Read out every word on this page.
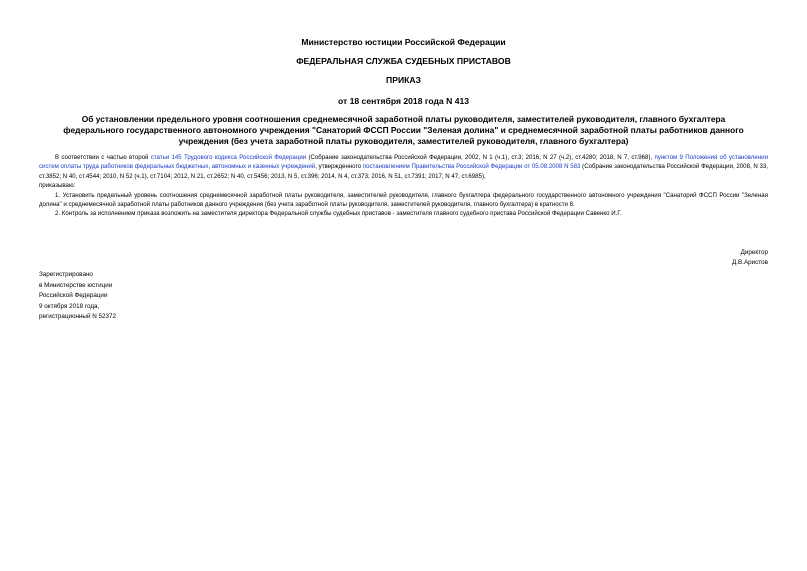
Министерство юстиции Российской Федерации
ФЕДЕРАЛЬНАЯ СЛУЖБА СУДЕБНЫХ ПРИСТАВОВ
ПРИКАЗ
от 18 сентября 2018 года N 413
Об установлении предельного уровня соотношения среднемесячной заработной платы руководителя, заместителей руководителя, главного бухгалтера федерального государственного автономного учреждения "Санаторий ФССП России "Зеленая долина" и среднемесячной заработной платы работников данного учреждения (без учета заработной платы руководителя, заместителей руководителя, главного бухгалтера)

В соответствии с частью второй статьи 145 Трудового кодекса Российской Федерации (Собрание законодательства Российской Федерации, 2002, N 1 (ч.1), ст.3; 2016, N 27 (ч.2), ст.4280; 2018, N 7, ст.968), пунктом 9 Положения об установлении систем оплаты труда работников федеральных бюджетных, автономных и казенных учреждений, утвержденного постановлением Правительства Российской Федерации от 05.08.2008 N 583 (Собрание законодательства Российской Федерации, 2008, N 33, ст.3852; N 40, ст.4544; 2010, N 52 (ч.1), ст.7104; 2012, N 21, ст.2652; N 40, ст.5456; 2013, N 5, ст.396; 2014, N 4, ст.373; 2016, N 51, ст.7391; 2017, N 47, ст.6985),

приказываю:

1. Установить предельный уровень соотношения среднемесячной заработной платы руководителя, заместителей руководителя, главного бухгалтера федерального государственного автономного учреждения "Санаторий ФССП России "Зеленая долина" и среднемесячной заработной платы работников данного учреждения (без учета заработной платы руководителя, заместителей руководителя, главного бухгалтера) в кратности 8.

2. Контроль за исполнением приказа возложить на заместителя директора Федеральной службы судебных приставов - заместителя главного судебного пристава Российской Федерации Савенко И.Г.

Директор
Д.В.Аристов
Зарегистрировано
в Министерстве юстиции
Российской Федерации
9 октября 2018 года,
регистрационный N 52372
